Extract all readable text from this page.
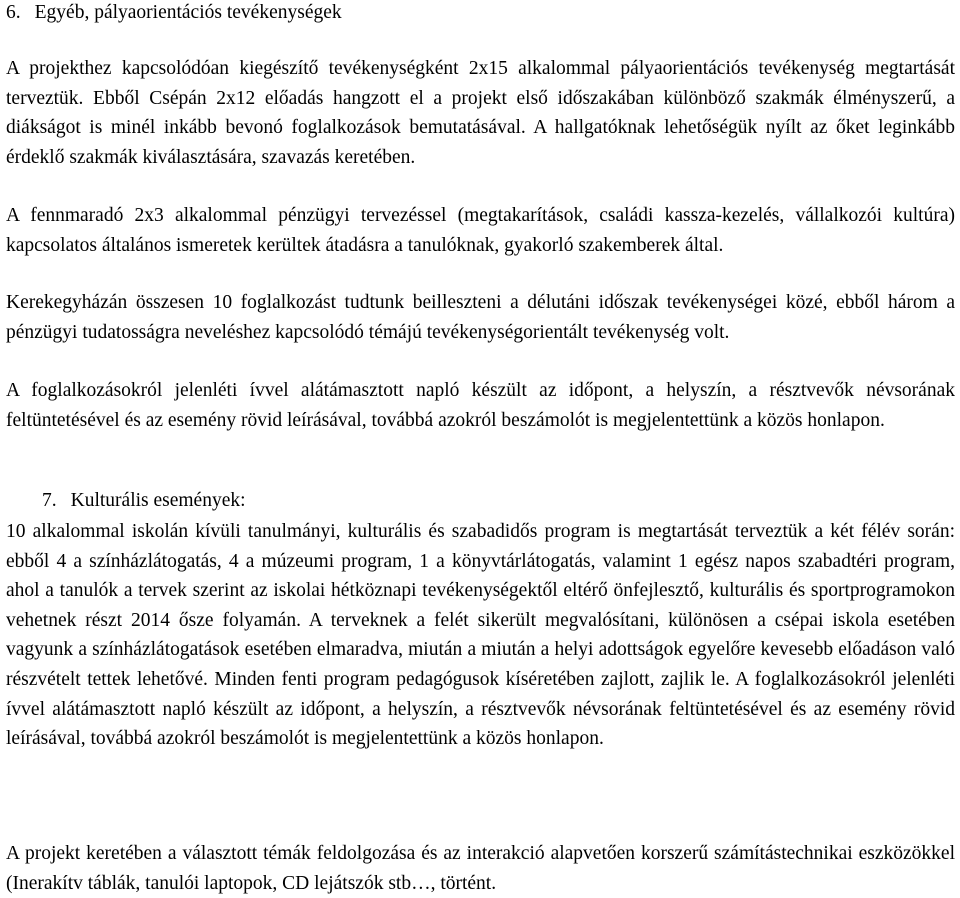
6. Egyéb, pályaorientációs tevékenységek

A projekthez kapcsolódóan kiegészítő tevékenységként 2x15 alkalommal pályaorientációs tevékenység megtartását terveztük. Ebből Csépán 2x12 előadás hangzott el a projekt első időszakában különböző szakmák élményszerű, a diákságot is minél inkább bevonó foglalkozások bemutatásával. A hallgatóknak lehetőségük nyílt az őket leginkább érdeklő szakmák kiválasztására, szavazás keretében.

A fennmaradó 2x3 alkalommal pénzügyi tervezéssel (megtakarítások, családi kassza-kezelés, vállalkozói kultúra) kapcsolatos általános ismeretek kerültek átadásra a tanulóknak, gyakorló szakemberek által.

Kerekegyházán összesen 10 foglalkozást tudtunk beilleszteni a délutáni időszak tevékenységei közé, ebből három a pénzügyi tudatosságra neveléshez kapcsolódó témájú tevékenységorientált tevékenység volt.

A foglalkozásokról jelenléti ívvel alátámasztott napló készült az időpont, a helyszín, a résztvevők névsorának feltüntetésével és az esemény rövid leírásával, továbbá azokról beszámolót is megjelentettünk a közös honlapon.

7. Kulturális események:

10 alkalommal iskolán kívüli tanulmányi, kulturális és szabadidős program is megtartását terveztük a két félév során: ebből 4 a színházlátogatás, 4 a múzeumi program, 1 a könyvtárlátogatás, valamint 1 egész napos szabadtéri program, ahol a tanulók a tervek szerint az iskolai hétköznapi tevékenységektől eltérő önfejlesztő, kulturális és sportprogramokon vehetnek részt 2014 ősze folyamán. A terveknek a felét sikerült megvalósítani, különösen a csépai iskola esetében vagyunk a színházlátogatások esetében elmaradva, miután a miután a helyi adottságok egyelőre kevesebb előadáson való részvételt tettek lehetővé. Minden fenti program pedagógusok kíséretében zajlott, zajlik le. A foglalkozásokról jelenléti ívvel alátámasztott napló készült az időpont, a helyszín, a résztvevők névsorának feltüntetésével és az esemény rövid leírásával, továbbá azokról beszámolót is megjelentettünk a közös honlapon.

A projekt keretében a választott témák feldolgozása és az interakció alapvetően korszerű számítástechnikai eszközökkel (Inerakítv táblák, tanulói laptopok, CD lejátszók stb…, történt.
